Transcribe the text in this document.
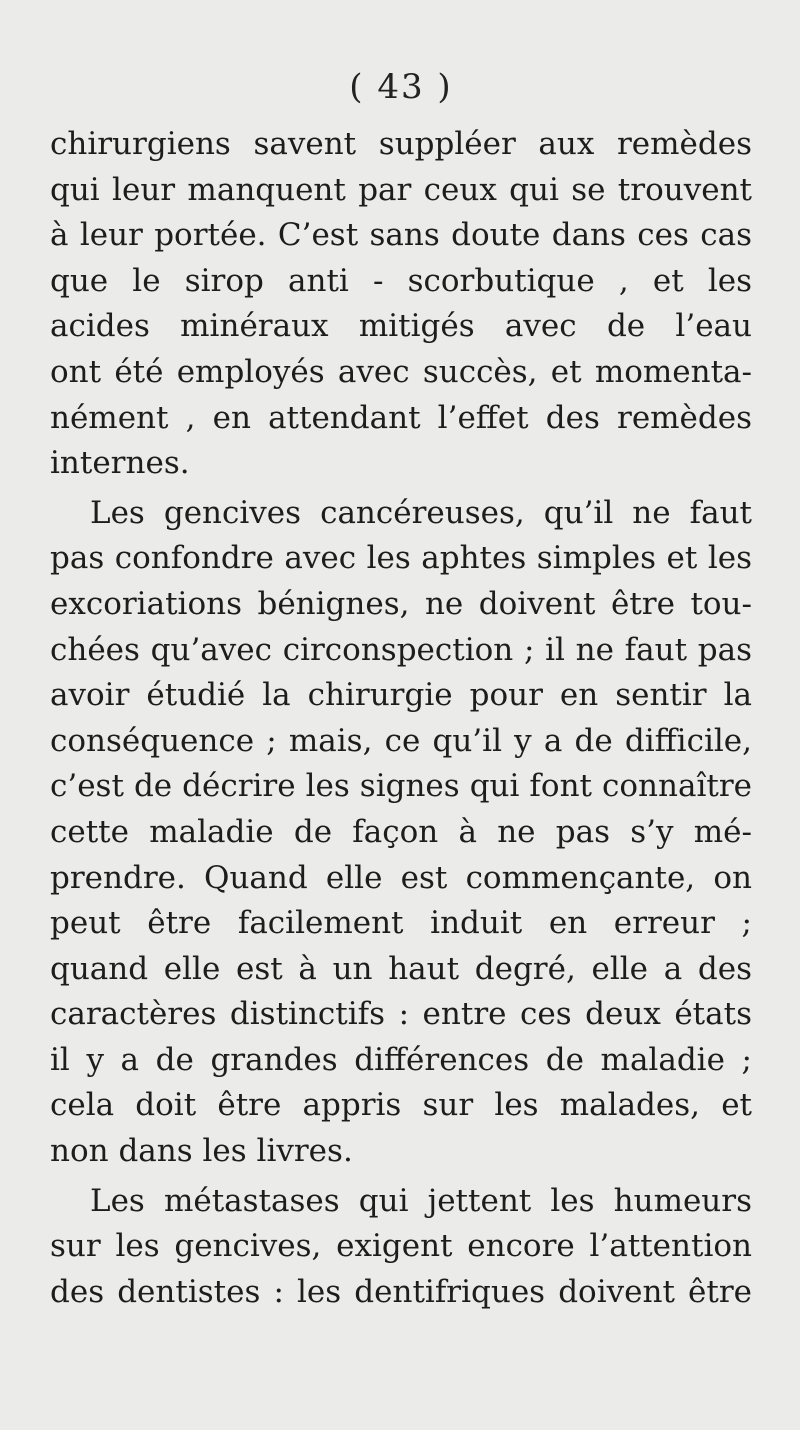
( 43 )

chirurgiens savent suppléer aux remèdes
qui leur manquent par ceux qui se trouvent
à leur portée. C’est sans doute dans ces cas
que le sirop anti - scorbutique , et les
acides minéraux mitigés avec de l’eau
ont été employés avec succès, et momenta-
nément , en attendant l’effet des remèdes
internes.

Les gencives cancéreuses, qu’il ne faut
pas confondre avec les aphtes simples et les
excoriations bénignes, ne doivent être tou-
chées qu’avec circonspection ; il ne faut pas
avoir étudié la chirurgie pour en sentir la
conséquence ; mais, ce qu’il y a de difficile,
c’est de décrire les signes qui font connaître
cette maladie de façon à ne pas s’y mé-
prendre. Quand elle est commençante, on
peut être facilement induit en erreur ;
quand elle est à un haut degré, elle a des
caractères distinctifs : entre ces deux états
il y a de grandes différences de maladie ;
cela doit être appris sur les malades, et
non dans les livres.

Les métastases qui jettent les humeurs
sur les gencives, exigent encore l’attention
des dentistes : les dentifriques doivent être
